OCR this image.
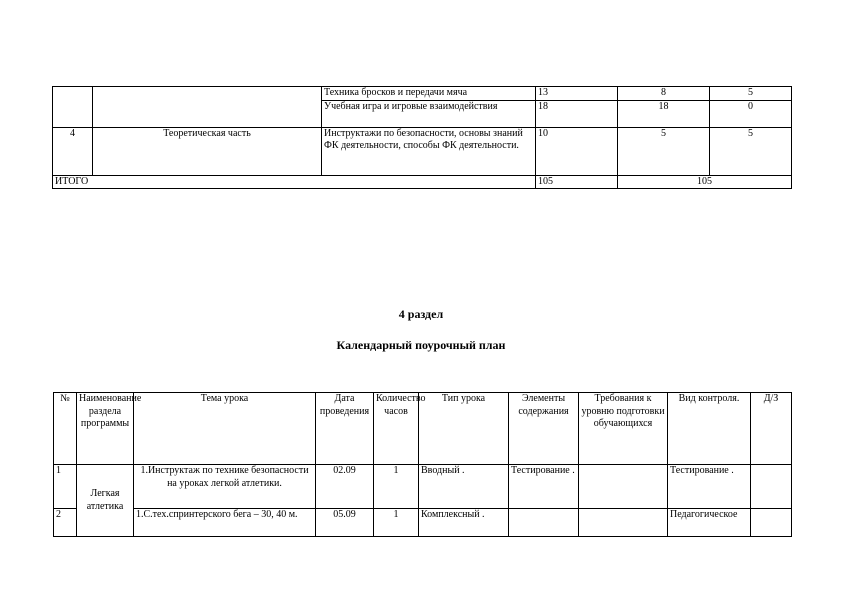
		Техника бросков и передачи мяча	13	8	5
		Учебная игра и игровые взаимодействия	18	18	0
4	Теоретическая часть	Инструктажи по безопасности, основы знаний ФК деятельности, способы ФК деятельности.	10	5	5
ИТОГО			105	105	
4 раздел
Календарный поурочный план
№	Наименование раздела программы	Тема урока	Дата проведения	Количество часов	Тип урока	Элементы содержания	Требования к уровню подготовки обучающихся	Вид контроля.	Д/З
1	Легкая атлетика	1.Инструктаж по технике безопасности на уроках легкой атлетики.	02.09	1	Вводный .	Тестирование .		Тестирование .	
2		1.С.тех.спринтерского бега – 30, 40 м.	05.09	1	Комплексный .			Педагогическое	
